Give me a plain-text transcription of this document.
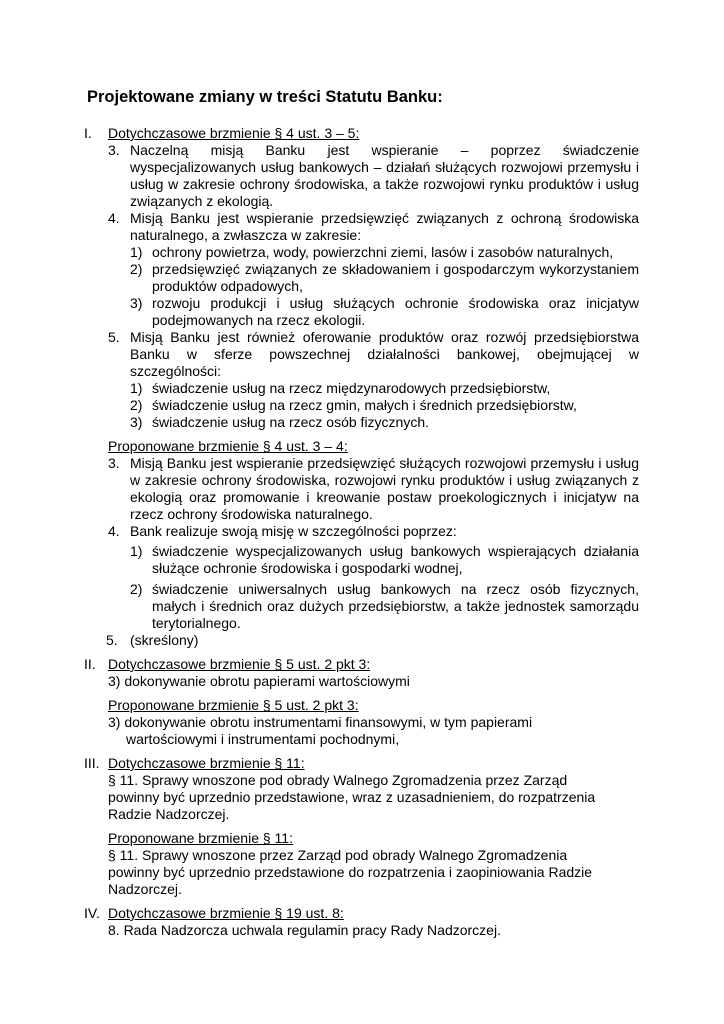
Projektowane zmiany w treści Statutu Banku:
I. Dotychczasowe brzmienie § 4 ust. 3 – 5:
3. Naczelną misją Banku jest wspieranie – poprzez świadczenie wyspecjalizowanych usług bankowych – działań służących rozwojowi przemysłu i usług w zakresie ochrony środowiska, a także rozwojowi rynku produktów i usług związanych z ekologią.
4. Misją Banku jest wspieranie przedsięwzięć związanych z ochroną środowiska naturalnego, a zwłaszcza w zakresie:
1) ochrony powietrza, wody, powierzchni ziemi, lasów i zasobów naturalnych,
2) przedsięwzięć związanych ze składowaniem i gospodarczym wykorzystaniem produktów odpadowych,
3) rozwoju produkcji i usług służących ochronie środowiska oraz inicjatyw podejmowanych na rzecz ekologii.
5. Misją Banku jest również oferowanie produktów oraz rozwój przedsiębiorstwa Banku w sferze powszechnej działalności bankowej, obejmującej w szczególności:
1) świadczenie usług na rzecz międzynarodowych przedsiębiorstw,
2) świadczenie usług na rzecz gmin, małych i średnich przedsiębiorstw,
3) świadczenie usług na rzecz osób fizycznych.
Proponowane brzmienie § 4 ust. 3 – 4:
3. Misją Banku jest wspieranie przedsięwzięć służących rozwojowi przemysłu i usług w zakresie ochrony środowiska, rozwojowi rynku produktów i usług związanych z ekologią oraz promowanie i kreowanie postaw proekologicznych i inicjatyw na rzecz ochrony środowiska naturalnego.
4. Bank realizuje swoją misję w szczególności poprzez:
1) świadczenie wyspecjalizowanych usług bankowych wspierających działania służące ochronie środowiska i gospodarki wodnej,
2) świadczenie uniwersalnych usług bankowych na rzecz osób fizycznych, małych i średnich oraz dużych przedsiębiorstw, a także jednostek samorządu terytorialnego.
5. (skreślony)
II. Dotychczasowe brzmienie § 5 ust. 2 pkt 3:
3) dokonywanie obrotu papierami wartościowymi
Proponowane brzmienie § 5 ust. 2 pkt 3:
3) dokonywanie obrotu instrumentami finansowymi, w tym papierami
wartościowymi i instrumentami pochodnymi,
III. Dotychczasowe brzmienie § 11:
§ 11. Sprawy wnoszone pod obrady Walnego Zgromadzenia przez Zarząd
powinny być uprzednio przedstawione, wraz z uzasadnieniem, do rozpatrzenia
Radzie Nadzorczej.
Proponowane brzmienie § 11:
§ 11. Sprawy wnoszone przez Zarząd pod obrady Walnego Zgromadzenia
powinny być uprzednio przedstawione do rozpatrzenia i zaopiniowania Radzie
Nadzorczej.
IV. Dotychczasowe brzmienie § 19 ust. 8:
8. Rada Nadzorcza uchwala regulamin pracy Rady Nadzorczej.
